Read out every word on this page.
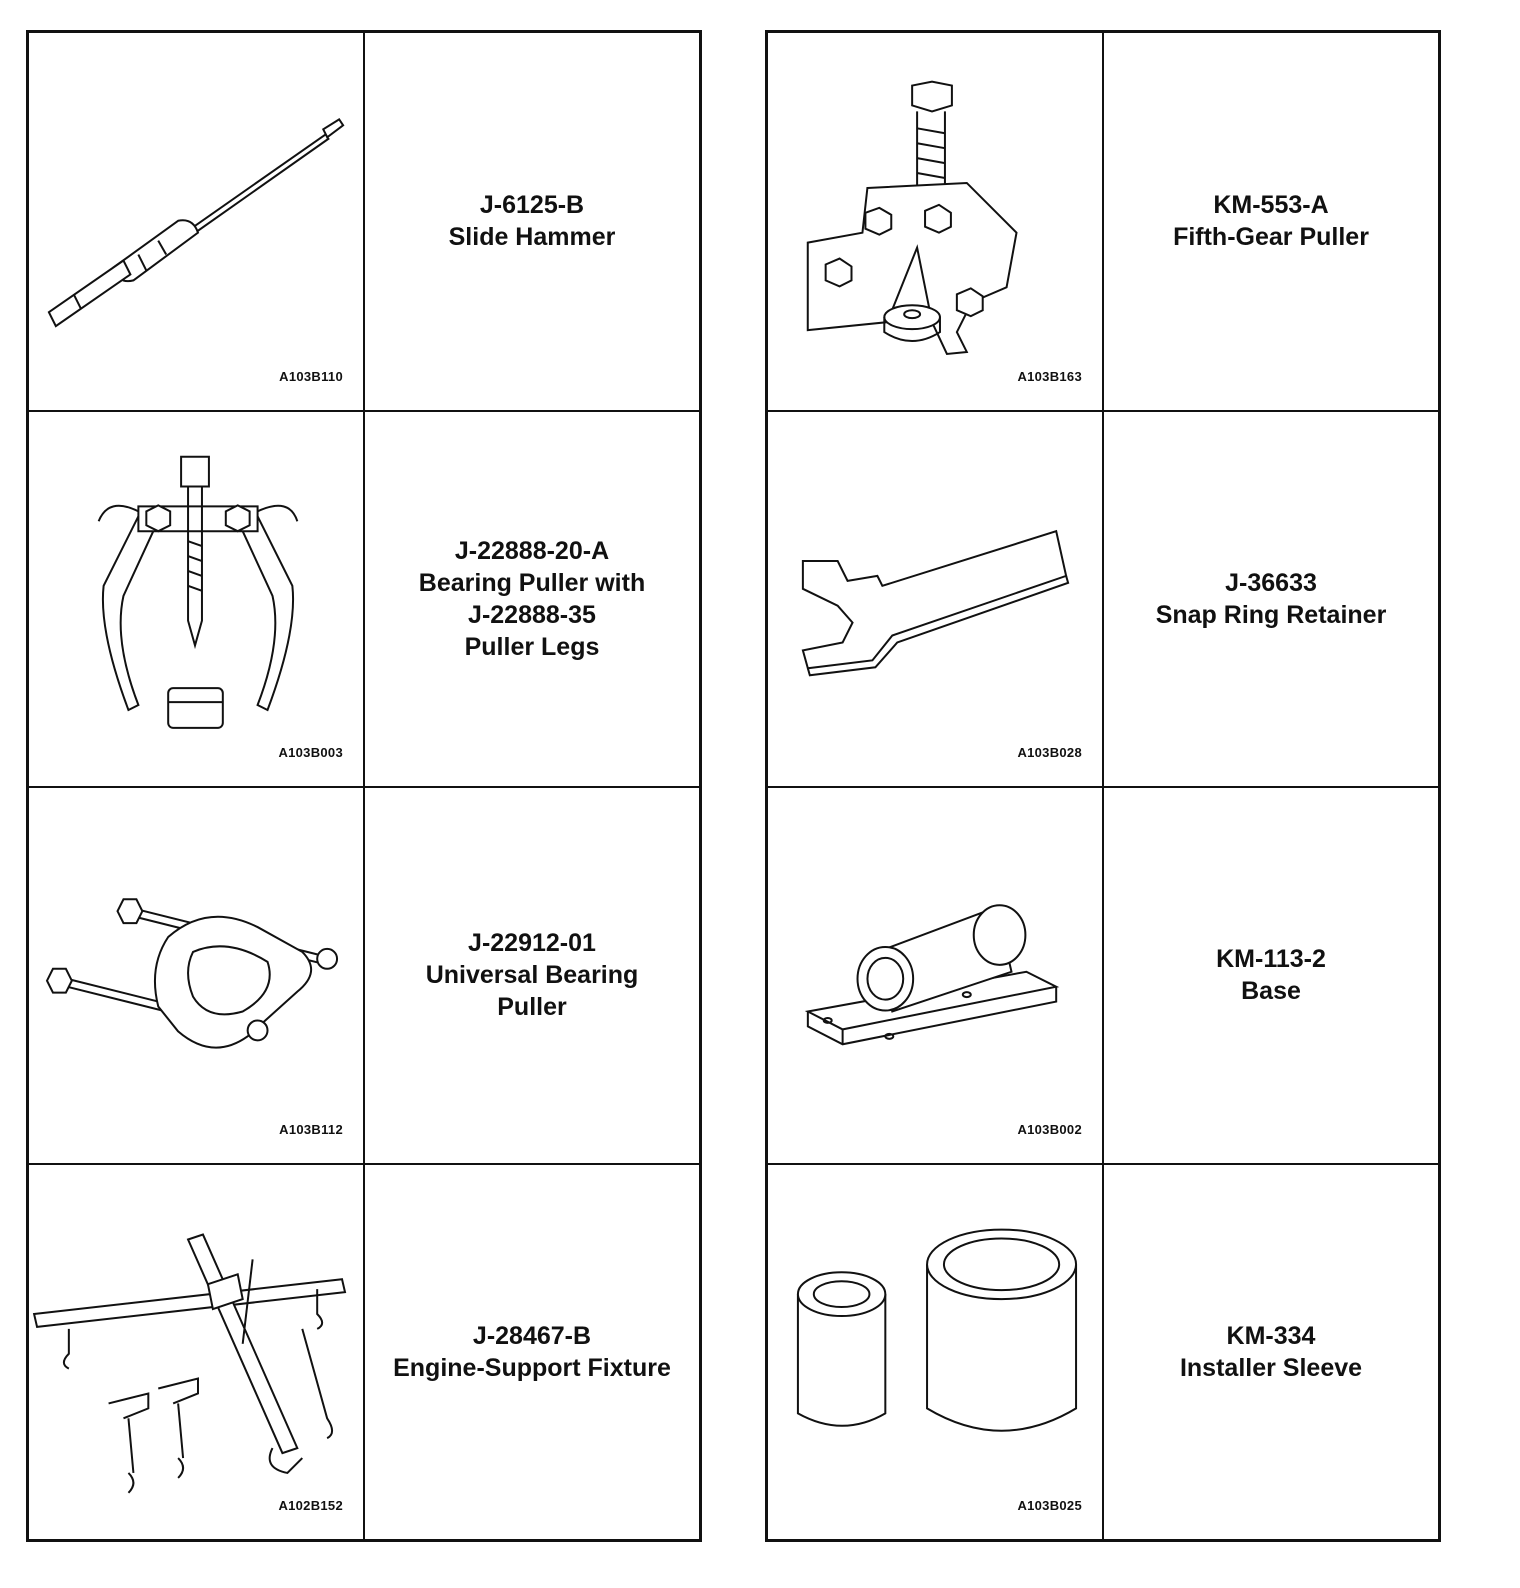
A103B110
J-6125-B
Slide Hammer
A103B003
J-22888-20-A
Bearing Puller with
J-22888-35
Puller Legs
A103B112
J-22912-01
Universal Bearing
Puller
A102B152
J-28467-B
Engine-Support Fixture
A103B163
KM-553-A
Fifth-Gear Puller
A103B028
J-36633
Snap Ring Retainer
A103B002
KM-113-2
Base
A103B025
KM-334
Installer Sleeve
